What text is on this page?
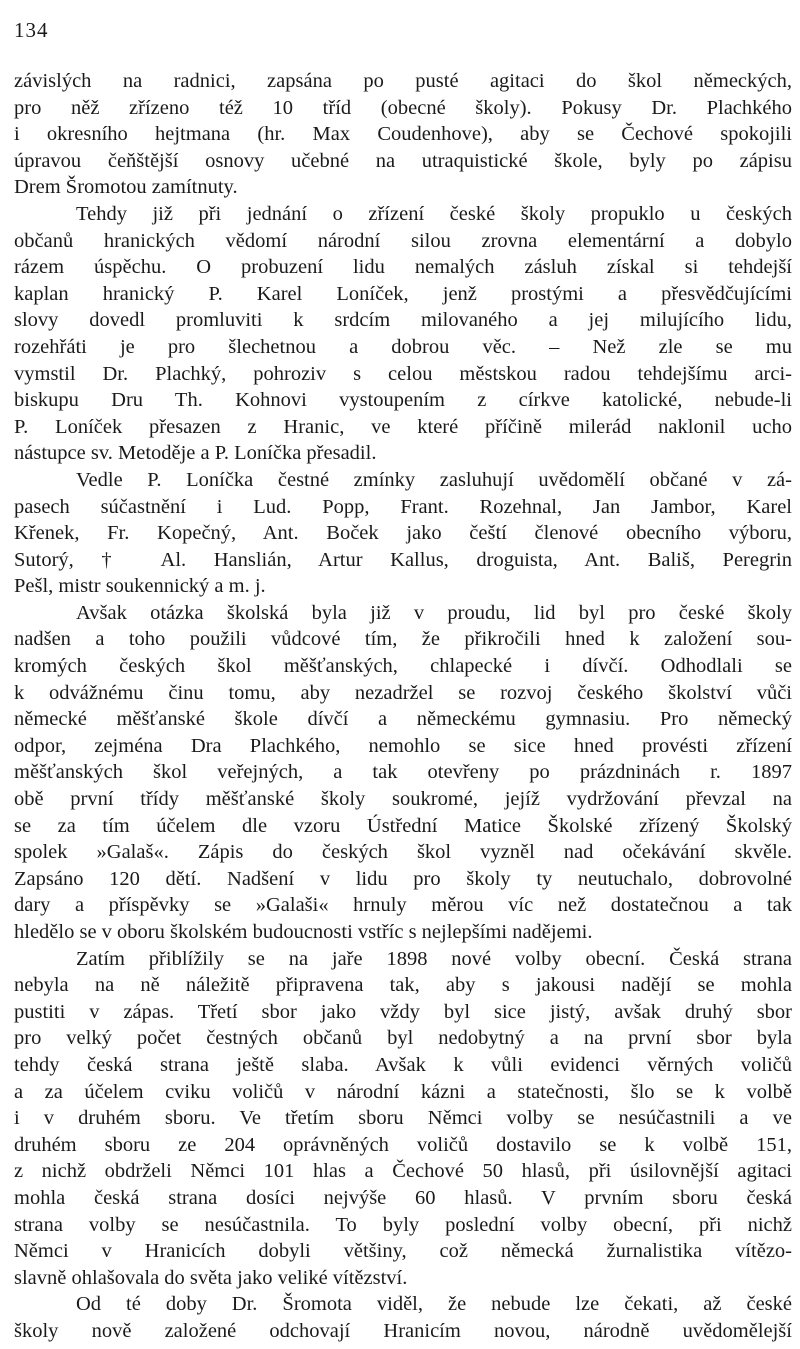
134
závislých na radnici, zapsána po pusté agitaci do škol německých,
pro něž zřízeno též 10 tříd (obecné školy). Pokusy Dr. Plachkého
i okresního hejtmana (hr. Max Coudenhove), aby se Čechové spokojili
úpravou čeňštější osnovy učebné na utraquistické škole, byly po zápisu
Drem Šromotou zamítnuty.
Tehdy již při jednání o zřízení české školy propuklo u českých
občanů hranických vědomí národní silou zrovna elementární a dobylo
rázem úspěchu. O probuzení lidu nemalých zásluh získal si tehdejší
kaplan hranický P. Karel Loníček, jenž prostými a přesvědčujícími
slovy dovedl promluviti k srdcím milovaného a jej milujícího lidu,
rozehřáti je pro šlechetnou a dobrou věc. – Než zle se mu
vymstil Dr. Plachký, pohroziv s celou městskou radou tehdejšímu arci-
biskupu Dru Th. Kohnovi vystoupením z církve katolické, nebude-li
P. Loníček přesazen z Hranic, ve které příčině milerád naklonil ucho
nástupce sv. Metoděje a P. Loníčka přesadil.
Vedle P. Loníčka čestné zmínky zasluhují uvědomělí občané v zá-
pasech súčastnění i Lud. Popp, Frant. Rozehnal, Jan Jambor, Karel
Křenek, Fr. Kopečný, Ant. Boček jako čeští členové obecního výboru,
Sutorý, † Al. Hanslián, Artur Kallus, droguista, Ant. Bališ, Peregrin
Pešl, mistr soukennický a m. j.
Avšak otázka školská byla již v proudu, lid byl pro české školy
nadšen a toho použili vůdcové tím, že přikročili hned k založení sou-
kromých českých škol měšťanských, chlapecké i dívčí. Odhodlali se
k odvážnému činu tomu, aby nezadržel se rozvoj českého školství vůči
německé měšťanské škole dívčí a německému gymnasiu. Pro německý
odpor, zejména Dra Plachkého, nemohlo se sice hned provésti zřízení
měšťanských škol veřejných, a tak otevřeny po prázdninách r. 1897
obě první třídy měšťanské školy soukromé, jejíž vydržování převzal na
se za tím účelem dle vzoru Ústřední Matice Školské zřízený Školský
spolek »Galaš«. Zápis do českých škol vyzněl nad očekávání skvěle.
Zapsáno 120 dětí. Nadšení v lidu pro školy ty neutuchalo, dobrovolné
dary a příspěvky se »Galaši« hrnuly měrou víc než dostatečnou a tak
hledělo se v oboru školském budoucnosti vstříc s nejlepšími nadějemi.
Zatím přiblížily se na jaře 1898 nové volby obecní. Česká strana
nebyla na ně náležitě připravena tak, aby s jakousi nadějí se mohla
pustiti v zápas. Třetí sbor jako vždy byl sice jistý, avšak druhý sbor
pro velký počet čestných občanů byl nedobytný a na první sbor byla
tehdy česká strana ještě slaba. Avšak k vůli evidenci věrných voličů
a za účelem cviku voličů v národní kázni a statečnosti, šlo se k volbě
i v druhém sboru. Ve třetím sboru Němci volby se nesúčastnili a ve
druhém sboru ze 204 oprávněných voličů dostavilo se k volbě 151,
z nichž obdrželi Němci 101 hlas a Čechové 50 hlasů, při úsilovnější agitaci
mohla česká strana dosíci nejvýše 60 hlasů. V prvním sboru česká
strana volby se nesúčastnila. To byly poslední volby obecní, při nichž
Němci v Hranicích dobyli většiny, což německá žurnalistika vítězo-
slavně ohlašovala do světa jako veliké vítězství.
Od té doby Dr. Šromota viděl, že nebude lze čekati, až české
školy nově založené odchovají Hranicím novou, národně uvědomělejší
